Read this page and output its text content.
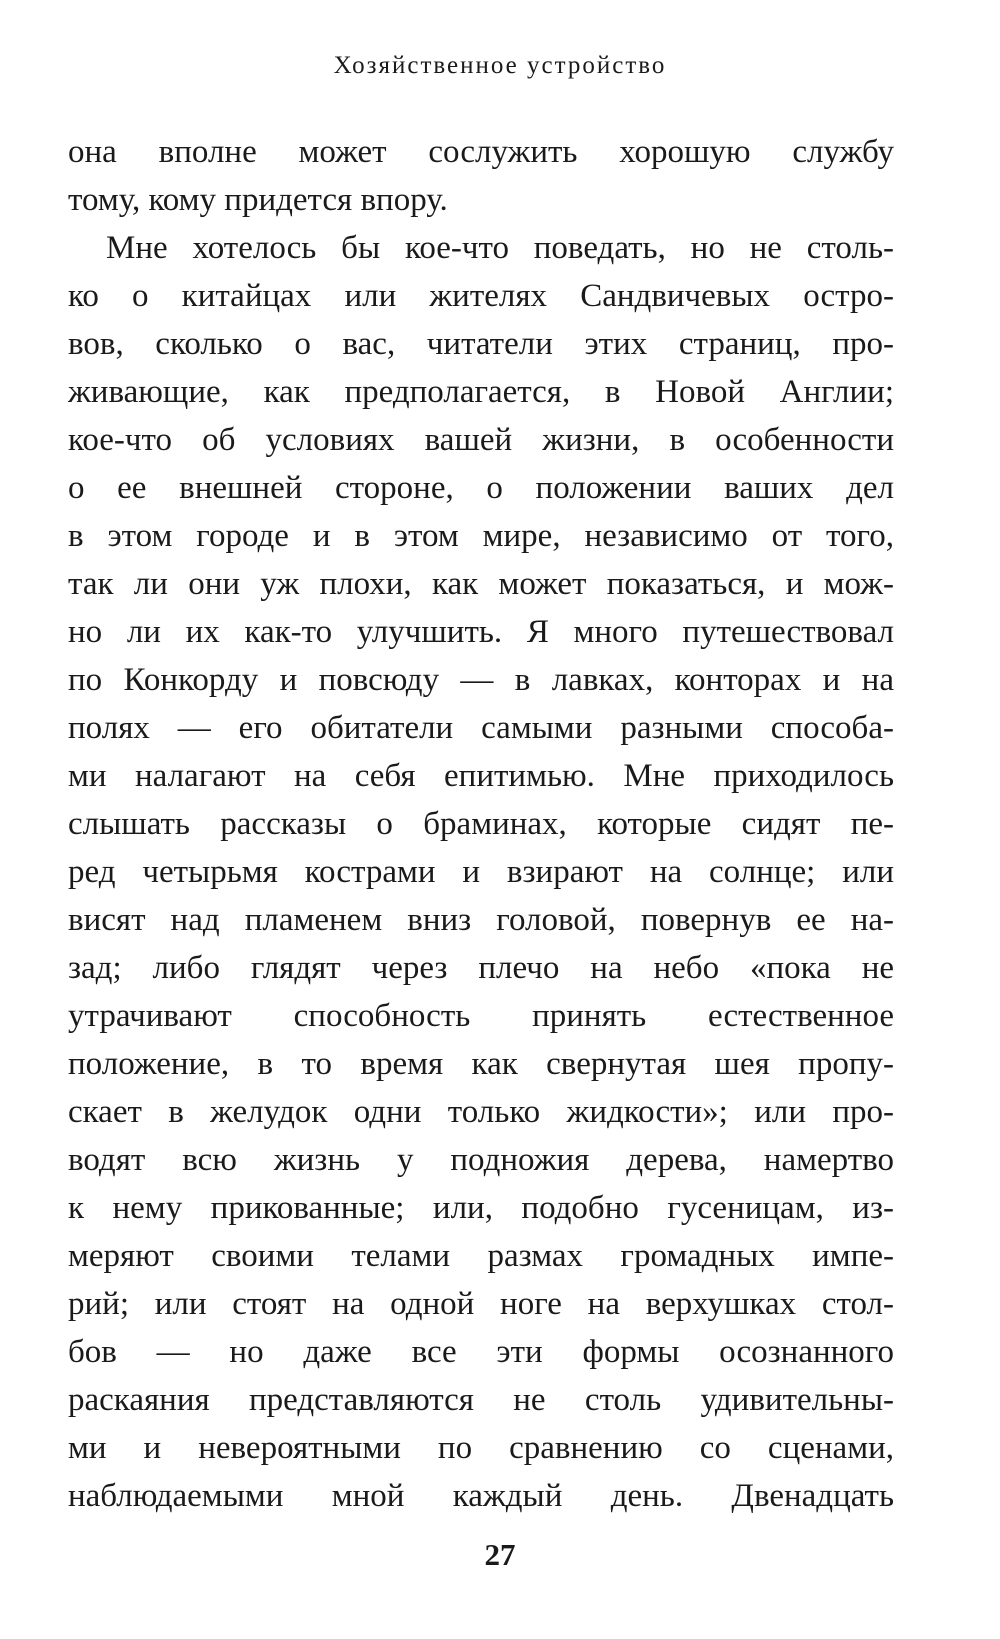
Хозяйственное устройство
она вполне может сослужить хорошую службу
тому, кому придется впору.
Мне хотелось бы кое-что поведать, но не столь-
ко о китайцах или жителях Сандвичевых остро-
вов, сколько о вас, читатели этих страниц, про-
живающие, как предполагается, в Новой Англии;
кое-что об условиях вашей жизни, в особенности
о ее внешней стороне, о положении ваших дел
в этом городе и в этом мире, независимо от того,
так ли они уж плохи, как может показаться, и мож-
но ли их как-то улучшить. Я много путешествовал
по Конкорду и повсюду — в лавках, конторах и на
полях — его обитатели самыми разными способа-
ми налагают на себя епитимью. Мне приходилось
слышать рассказы о браминах, которые сидят пе-
ред четырьмя кострами и взирают на солнце; или
висят над пламенем вниз головой, повернув ее на-
зад; либо глядят через плечо на небо «пока не
утрачивают способность принять естественное
положение, в то время как свернутая шея пропу-
скает в желудок одни только жидкости»; или про-
водят всю жизнь у подножия дерева, намертво
к нему прикованные; или, подобно гусеницам, из-
меряют своими телами размах громадных импе-
рий; или стоят на одной ноге на верхушках стол-
бов — но даже все эти формы осознанного
раскаяния представляются не столь удивительны-
ми и невероятными по сравнению со сценами,
наблюдаемыми мной каждый день. Двенадцать
27
